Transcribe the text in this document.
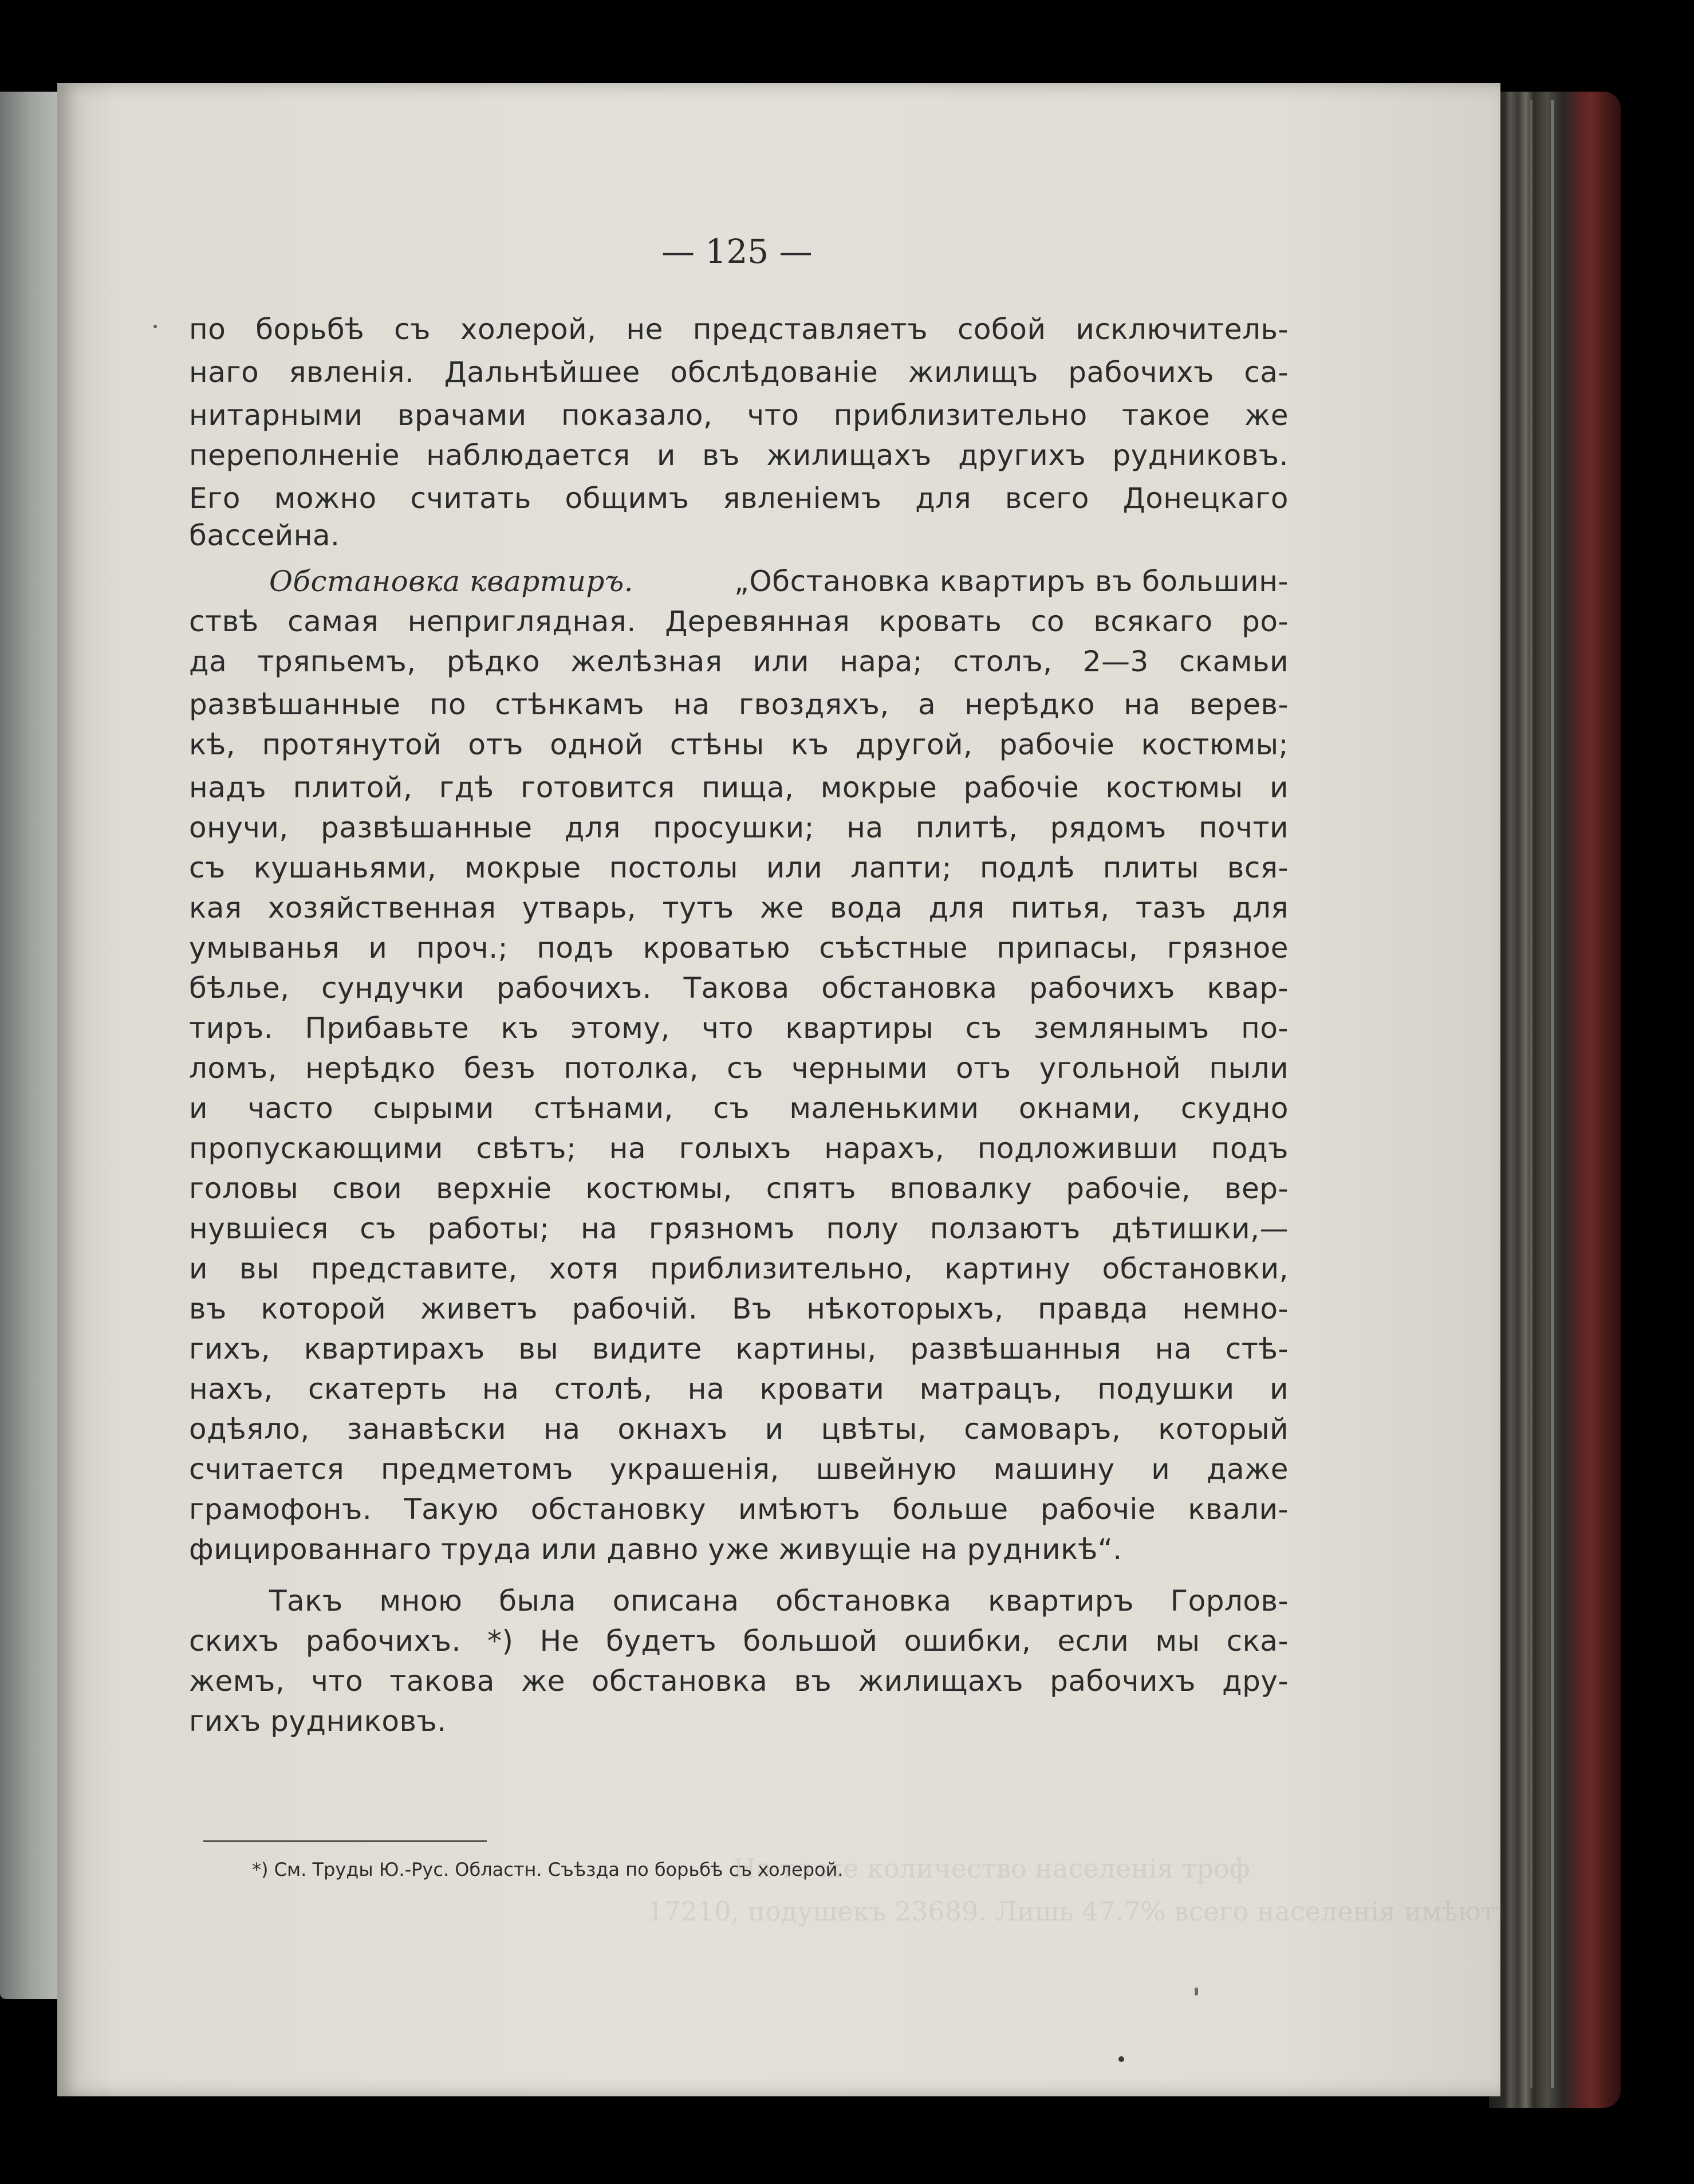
На то же количество населенія троф
17210, подушекъ 23689. Лишь 47.7% всего населенія имѣютъ
— 125 —
по борьбѣ съ холерой, не представляетъ собой исключитель-
наго явленія. Дальнѣйшее обслѣдованіе жилищъ рабочихъ са-
нитарными врачами показало, что приблизительно такое же
переполненіе наблюдается и въ жилищахъ другихъ рудниковъ.
Его можно считать общимъ явленіемъ для всего Донецкаго
бассейна.
Обстановка квартиръ.	„Обстановка квартиръ въ большин-
ствѣ самая неприглядная. Деревянная кровать со всякаго ро-
да тряпьемъ, рѣдко желѣзная или нара; столъ, 2—3 скамьи
развѣшанные по стѣнкамъ на гвоздяхъ, а нерѣдко на верев-
кѣ, протянутой отъ одной стѣны къ другой, рабочіе костюмы;
надъ плитой, гдѣ готовится пища, мокрые рабочіе костюмы и
онучи, развѣшанные для просушки; на плитѣ, рядомъ почти
съ кушаньями, мокрые постолы или лапти; подлѣ плиты вся-
кая хозяйственная утварь, тутъ же вода для питья, тазъ для
умыванья и проч.; подъ кроватью съѣстные припасы, грязное
бѣлье, сундучки рабочихъ. Такова обстановка рабочихъ квар-
тиръ. Прибавьте къ этому, что квартиры съ землянымъ по-
ломъ, нерѣдко безъ потолка, съ черными отъ угольной пыли
и часто сырыми стѣнами, съ маленькими окнами, скудно
пропускающими свѣтъ; на голыхъ нарахъ, подложивши подъ
головы свои верхніе костюмы, спятъ вповалку рабочіе, вер-
нувшіеся съ работы; на грязномъ полу ползаютъ дѣтишки,—
и вы представите, хотя приблизительно, картину обстановки,
въ которой живетъ рабочій. Въ нѣкоторыхъ, правда немно-
гихъ, квартирахъ вы видите картины, развѣшанныя на стѣ-
нахъ, скатерть на столѣ, на кровати матрацъ, подушки и
одѣяло, занавѣски на окнахъ и цвѣты, самоваръ, который
считается предметомъ украшенія, швейную машину и даже
грамофонъ. Такую обстановку имѣютъ больше рабочіе квали-
фицированнаго труда или давно уже живущіе на рудникѣ“.
Такъ мною была описана обстановка квартиръ Горлов-
скихъ рабочихъ. *) Не будетъ большой ошибки, если мы ска-
жемъ, что такова же обстановка въ жилищахъ рабочихъ дру-
гихъ рудниковъ.
*) См. Труды Ю.-Рус. Областн. Съѣзда по борьбѣ съ холерой.
